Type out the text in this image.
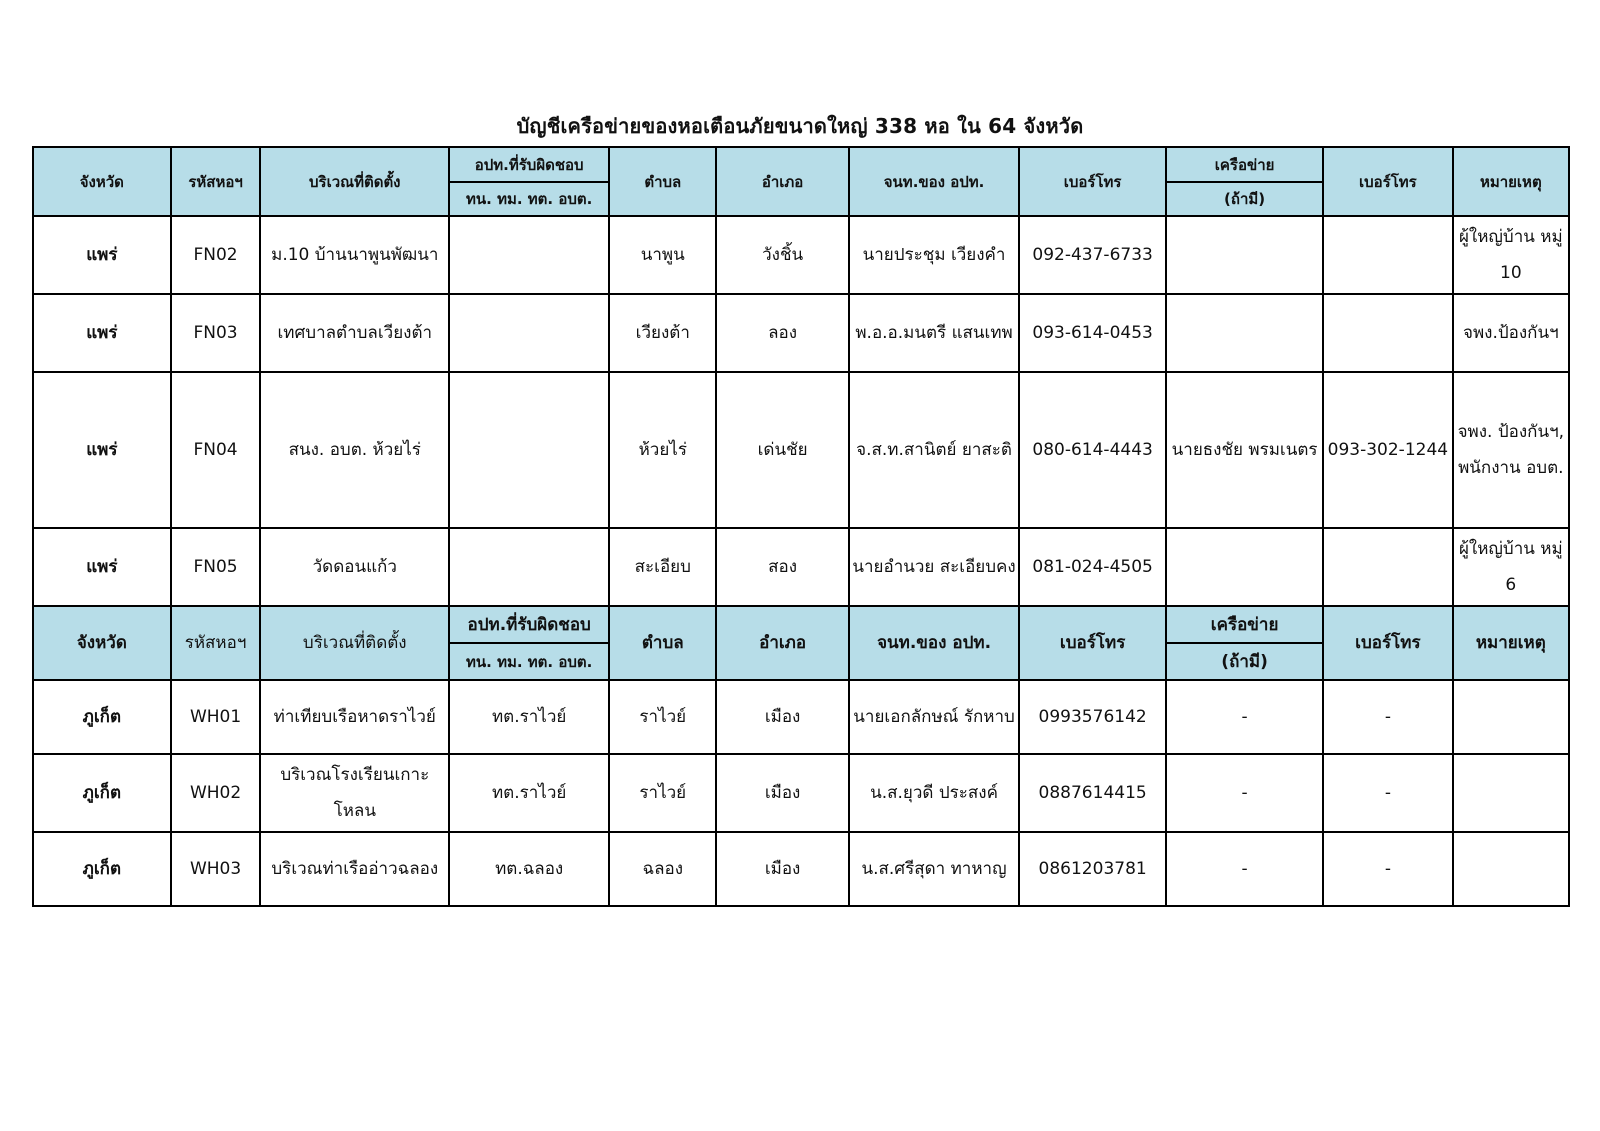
บัญชีเครือข่ายของหอเตือนภัยขนาดใหญ่ 338 หอ ใน 64 จังหวัด
จังหวัด	รหัสหอฯ	บริเวณที่ติดตั้ง	อปท.ที่รับผิดชอบ	ตำบล	อำเภอ	จนท.ของ อปท.	เบอร์โทร	เครือข่าย	เบอร์โทร	หมายเหตุ
			ทน. ทม. ทต. อบต.					(ถ้ามี)		
แพร่	FN02	ม.10 บ้านนาพูนพัฒนา		นาพูน	วังชิ้น	นายประชุม เวียงคำ	092-437-6733			ผู้ใหญ่บ้าน หมู่ 10
แพร่	FN03	เทศบาลตำบลเวียงต้า		เวียงต้า	ลอง	พ.อ.อ.มนตรี แสนเทพ	093-614-0453			จพง.ป้องกันฯ
แพร่	FN04	สนง. อบต. ห้วยไร่		ห้วยไร่	เด่นชัย	จ.ส.ท.สานิตย์ ยาสะติ	080-614-4443	นายธงชัย พรมเนตร	093-302-1244	จพง. ป้องกันฯ, พนักงาน อบต.
แพร่	FN05	วัดดอนแก้ว		สะเอียบ	สอง	นายอำนวย สะเอียบคง	081-024-4505			ผู้ใหญ่บ้าน หมู่ 6
จังหวัด	รหัสหอฯ	บริเวณที่ติดตั้ง	อปท.ที่รับผิดชอบ	ตำบล	อำเภอ	จนท.ของ อปท.	เบอร์โทร	เครือข่าย	เบอร์โทร	หมายเหตุ
			ทน. ทม. ทต. อบต.					(ถ้ามี)		
ภูเก็ต	WH01	ท่าเทียบเรือหาดราไวย์	ทต.ราไวย์	ราไวย์	เมือง	นายเอกลักษณ์ รักหาบ	0993576142	-	-	
ภูเก็ต	WH02	บริเวณโรงเรียนเกาะโหลน	ทต.ราไวย์	ราไวย์	เมือง	น.ส.ยุวดี ประสงค์	0887614415	-	-	
ภูเก็ต	WH03	บริเวณท่าเรืออ่าวฉลอง	ทต.ฉลอง	ฉลอง	เมือง	น.ส.ศรีสุดา ทาหาญ	0861203781	-	-	
